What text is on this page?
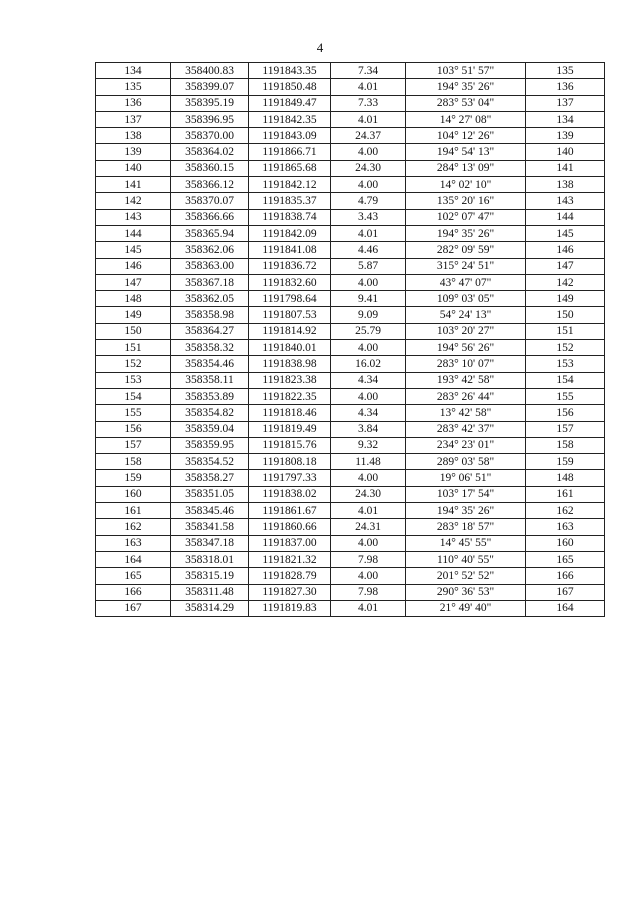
4
134	358400.83	1191843.35	7.34	103° 51' 57"	135
135	358399.07	1191850.48	4.01	194° 35' 26"	136
136	358395.19	1191849.47	7.33	283° 53' 04"	137
137	358396.95	1191842.35	4.01	14° 27' 08"	134
138	358370.00	1191843.09	24.37	104° 12' 26"	139
139	358364.02	1191866.71	4.00	194° 54' 13"	140
140	358360.15	1191865.68	24.30	284° 13' 09"	141
141	358366.12	1191842.12	4.00	14° 02' 10"	138
142	358370.07	1191835.37	4.79	135° 20' 16"	143
143	358366.66	1191838.74	3.43	102° 07' 47"	144
144	358365.94	1191842.09	4.01	194° 35' 26"	145
145	358362.06	1191841.08	4.46	282° 09' 59"	146
146	358363.00	1191836.72	5.87	315° 24' 51"	147
147	358367.18	1191832.60	4.00	43° 47' 07"	142
148	358362.05	1191798.64	9.41	109° 03' 05"	149
149	358358.98	1191807.53	9.09	54° 24' 13"	150
150	358364.27	1191814.92	25.79	103° 20' 27"	151
151	358358.32	1191840.01	4.00	194° 56' 26"	152
152	358354.46	1191838.98	16.02	283° 10' 07"	153
153	358358.11	1191823.38	4.34	193° 42' 58"	154
154	358353.89	1191822.35	4.00	283° 26' 44"	155
155	358354.82	1191818.46	4.34	13° 42' 58"	156
156	358359.04	1191819.49	3.84	283° 42' 37"	157
157	358359.95	1191815.76	9.32	234° 23' 01"	158
158	358354.52	1191808.18	11.48	289° 03' 58"	159
159	358358.27	1191797.33	4.00	19° 06' 51"	148
160	358351.05	1191838.02	24.30	103° 17' 54"	161
161	358345.46	1191861.67	4.01	194° 35' 26"	162
162	358341.58	1191860.66	24.31	283° 18' 57"	163
163	358347.18	1191837.00	4.00	14° 45' 55"	160
164	358318.01	1191821.32	7.98	110° 40' 55"	165
165	358315.19	1191828.79	4.00	201° 52' 52"	166
166	358311.48	1191827.30	7.98	290° 36' 53"	167
167	358314.29	1191819.83	4.01	21° 49' 40"	164
